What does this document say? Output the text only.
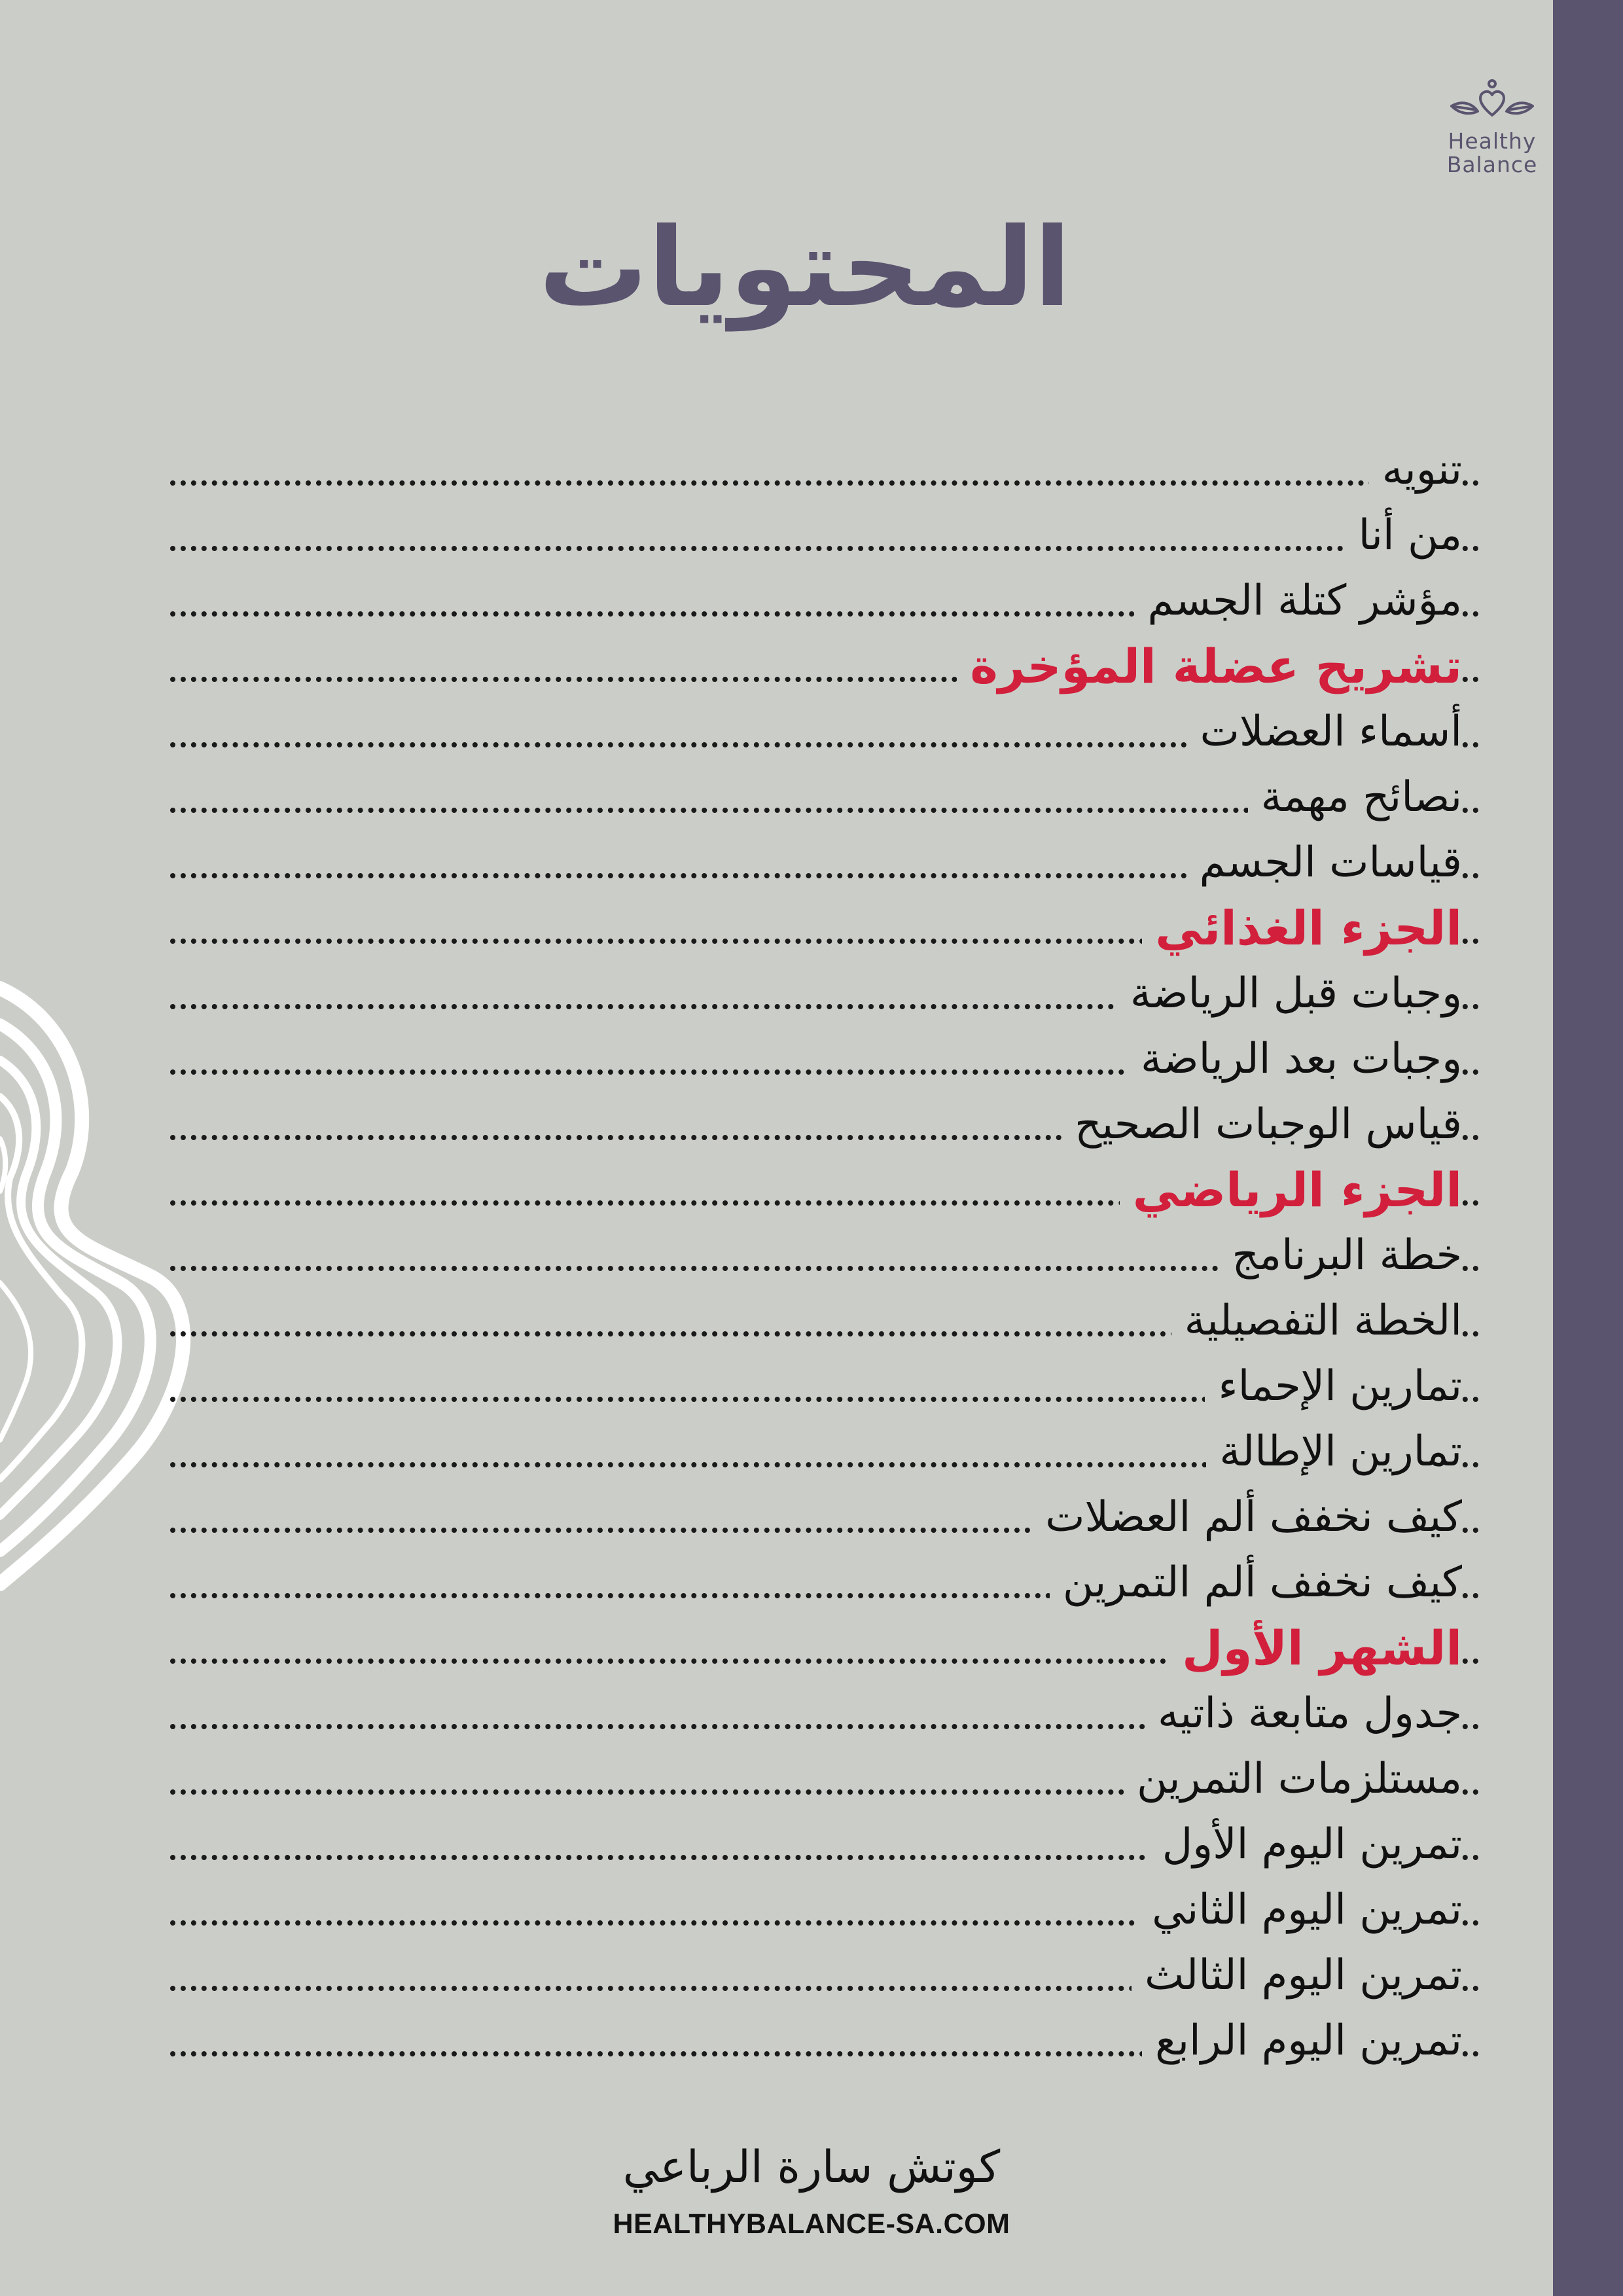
Healthy
Balance
المحتويات
تنويه
من أنا
مؤشر كتلة الجسم
تشريح عضلة المؤخرة
أسماء العضلات
نصائح مهمة
قياسات الجسم
الجزء الغذائي
وجبات قبل الرياضة
وجبات بعد الرياضة
قياس الوجبات الصحيح
الجزء الرياضي
خطة البرنامج
الخطة التفصيلية
تمارين الإحماء
تمارين الإطالة
كيف نخفف ألم العضلات
كيف نخفف ألم التمرين
الشهر الأول
جدول متابعة ذاتيه
مستلزمات التمرين
تمرين اليوم الأول
تمرين اليوم الثاني
تمرين اليوم الثالث
تمرين اليوم الرابع
كوتش سارة الرباعي
HEALTHYBALANCE-SA.COM
